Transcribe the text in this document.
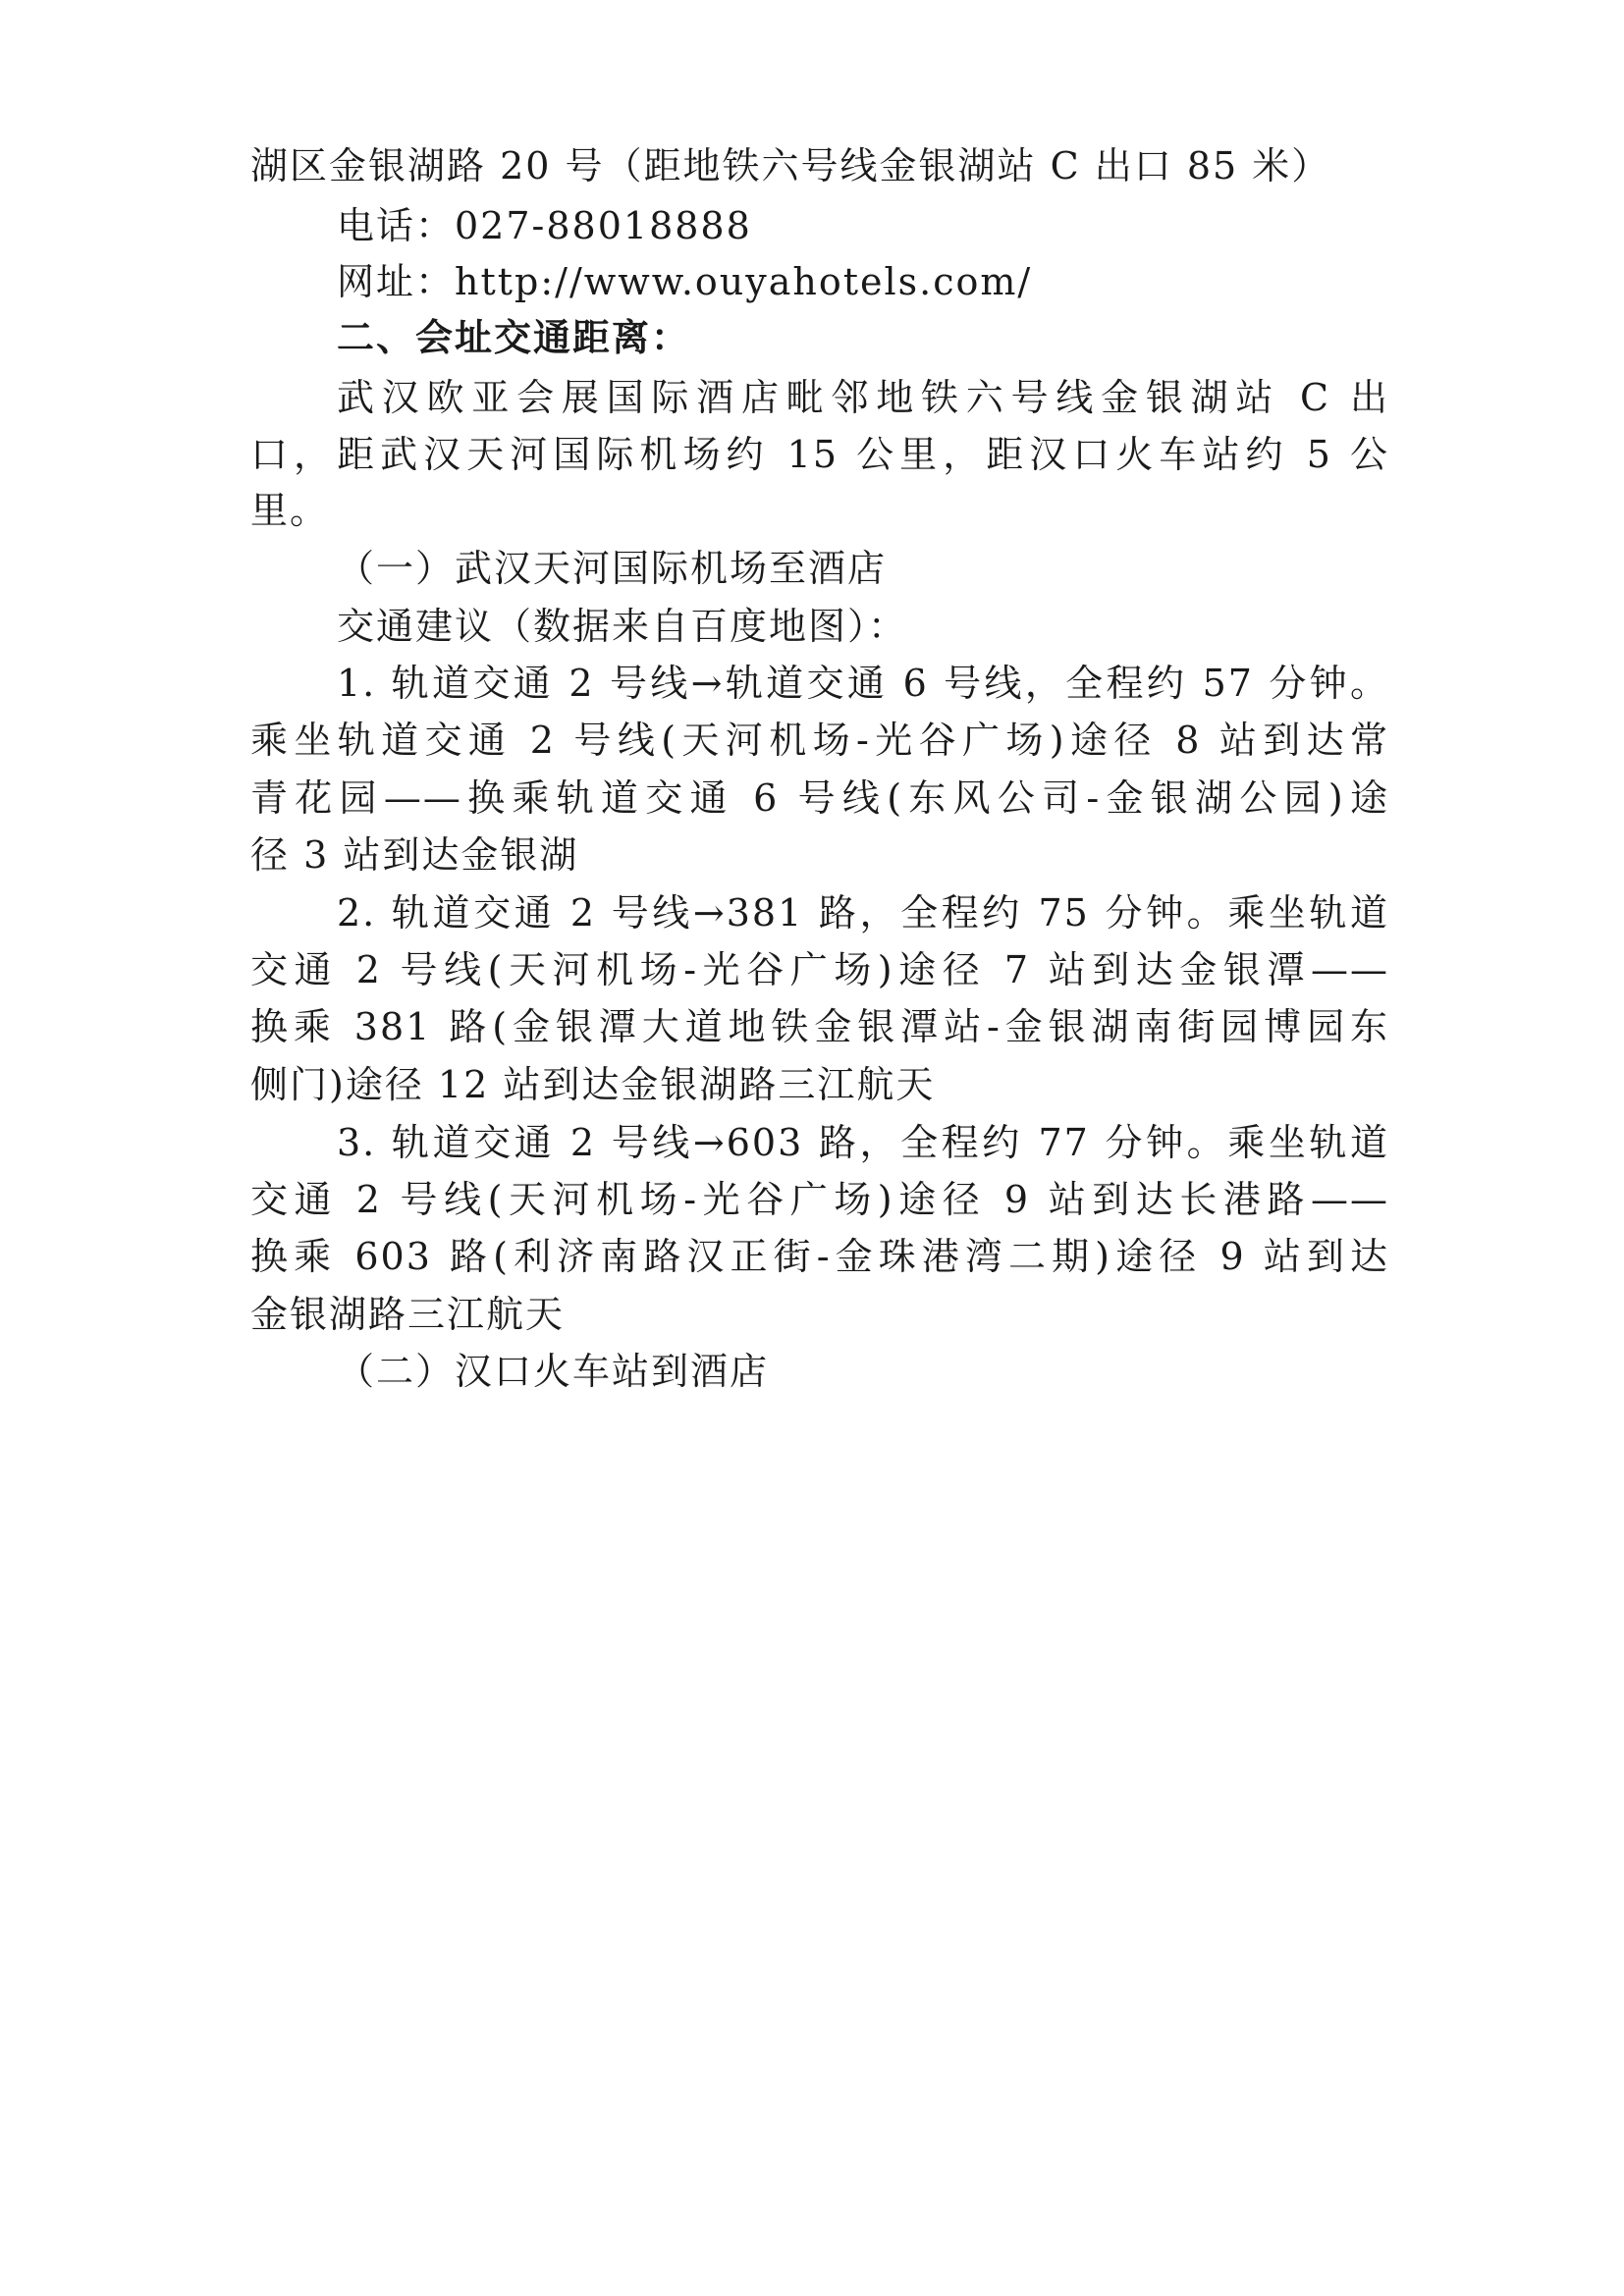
湖区金银湖路 20 号（距地铁六号线金银湖站 C 出口 85 米）
电话：027-88018888
网址：http://www.ouyahotels.com/
二、会址交通距离：
武汉欧亚会展国际酒店毗邻地铁六号线金银湖站 C 出
口，距武汉天河国际机场约 15 公里，距汉口火车站约 5 公
里。
（一）武汉天河国际机场至酒店
交通建议（数据来自百度地图）：
1. 轨道交通 2 号线→轨道交通 6 号线，全程约 57 分钟。
乘坐轨道交通 2 号线(天河机场-光谷广场)途径 8 站到达常
青花园——换乘轨道交通 6 号线(东风公司-金银湖公园)途
径 3 站到达金银湖
2. 轨道交通 2 号线→381 路，全程约 75 分钟。乘坐轨道
交通 2 号线(天河机场-光谷广场)途径 7 站到达金银潭——
换乘 381 路(金银潭大道地铁金银潭站-金银湖南街园博园东
侧门)途径 12 站到达金银湖路三江航天
3. 轨道交通 2 号线→603 路，全程约 77 分钟。乘坐轨道
交通 2 号线(天河机场-光谷广场)途径 9 站到达长港路——
换乘 603 路(利济南路汉正街-金珠港湾二期)途径 9 站到达
金银湖路三江航天
（二）汉口火车站到酒店
